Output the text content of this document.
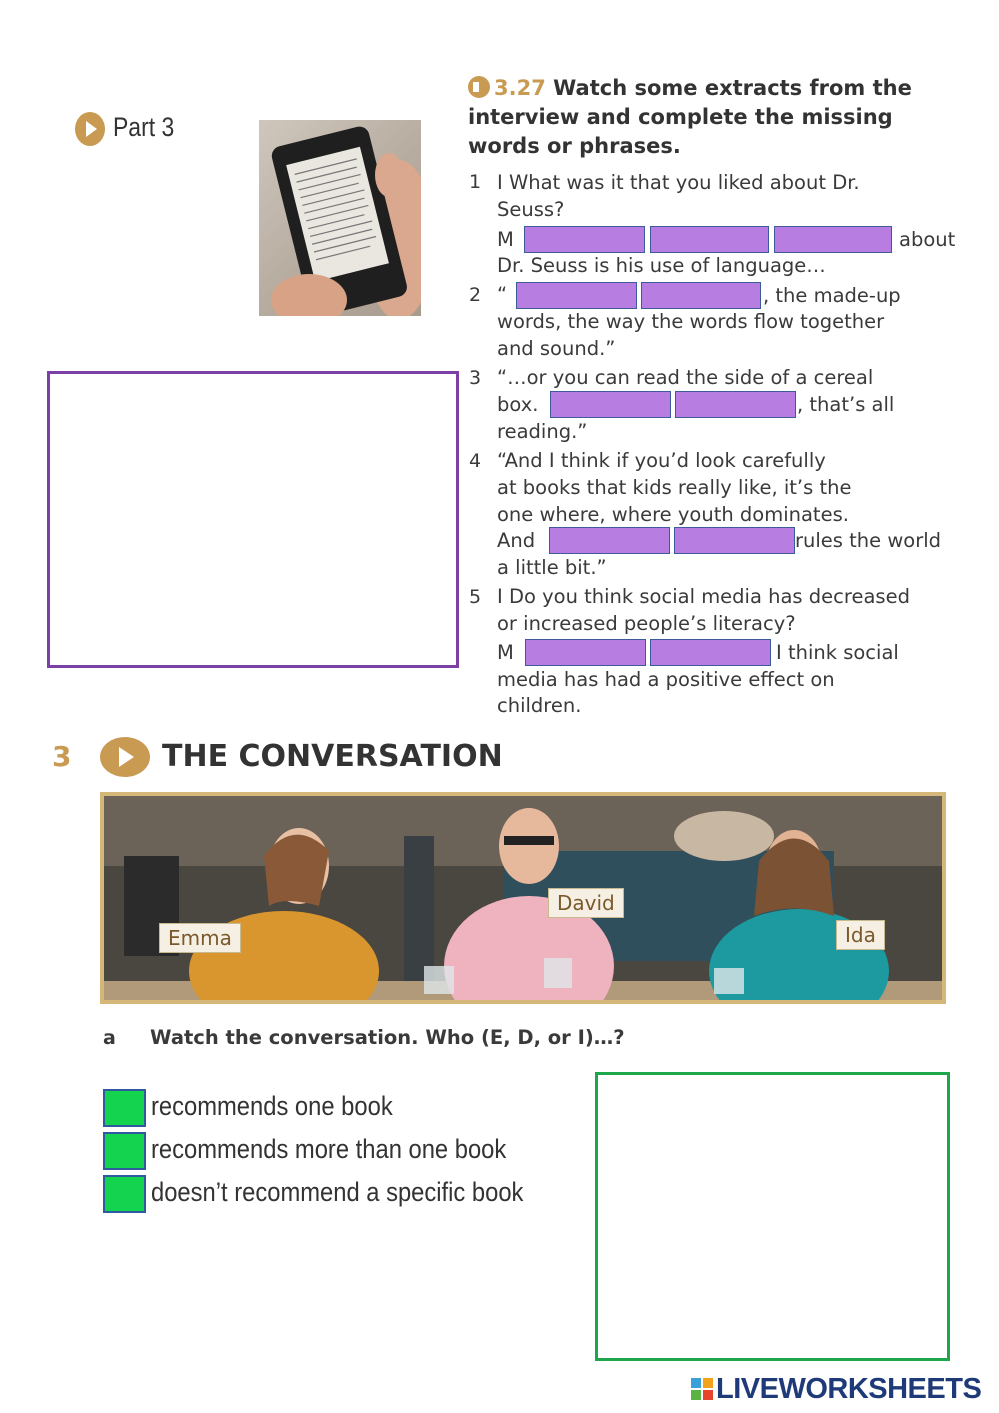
Part 3
3.27 Watch some extracts from the
interview and complete the missing
words or phrases.
1 I What was it that you liked about Dr.
Seuss?
M	about
Dr. Seuss is his use of language…
2 “	, the made-up
words, the way the words flow together
and sound.”
3 “…or you can read the side of a cereal
box.	, that’s all
reading.”
4 “And I think if you’d look carefully
at books that kids really like, it’s the
one where, where youth dominates.
And	rules the world
a little bit.”
5 I Do you think social media has decreased
or increased people’s literacy?
M	I think social
media has had a positive effect on
children.
3	THE CONVERSATION
Emma
David
Ida
a Watch the conversation. Who (E, D, or I)…?
recommends one book
recommends more than one book
doesn’t recommend a specific book
LIVEWORKSHEETS
